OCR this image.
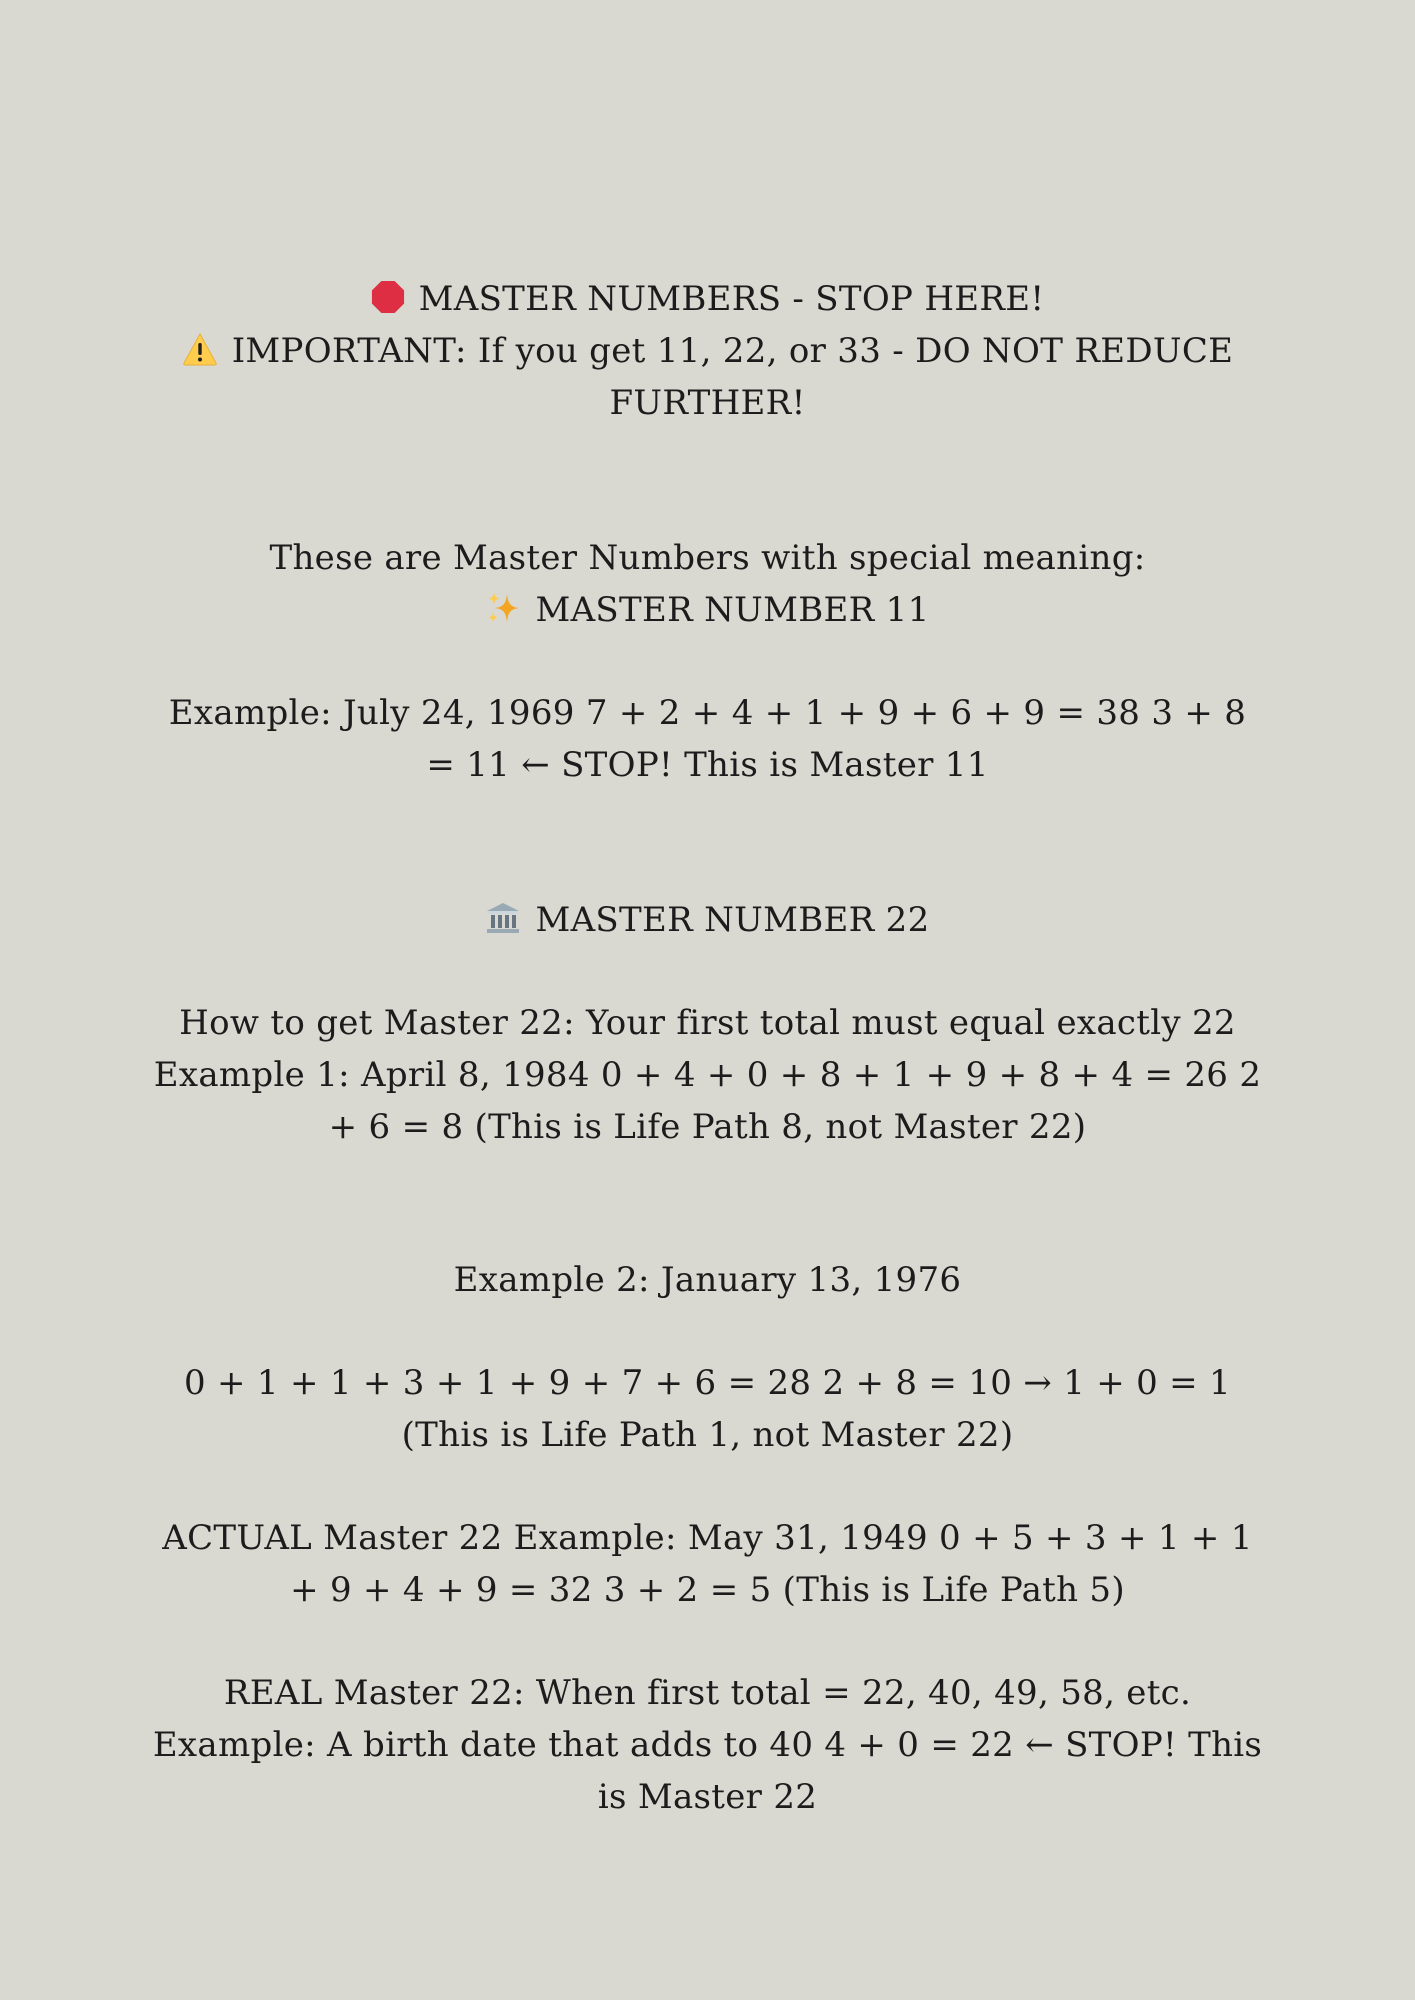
MASTER NUMBERS - STOP HERE!
IMPORTANT: If you get 11, 22, or 33 - DO NOT REDUCE FURTHER!
These are Master Numbers with special meaning:
MASTER NUMBER 11
Example: July 24, 1969 7 + 2 + 4 + 1 + 9 + 6 + 9 = 38 3 + 8 = 11 ← STOP! This is Master 11
MASTER NUMBER 22
How to get Master 22: Your first total must equal exactly 22
Example 1: April 8, 1984 0 + 4 + 0 + 8 + 1 + 9 + 8 + 4 = 26 2 + 6 = 8 (This is Life Path 8, not Master 22)
Example 2: January 13, 1976
0 + 1 + 1 + 3 + 1 + 9 + 7 + 6 = 28 2 + 8 = 10 → 1 + 0 = 1 (This is Life Path 1, not Master 22)
ACTUAL Master 22 Example: May 31, 1949 0 + 5 + 3 + 1 + 1 + 9 + 4 + 9 = 32 3 + 2 = 5 (This is Life Path 5)
REAL Master 22: When first total = 22, 40, 49, 58, etc. Example: A birth date that adds to 40 4 + 0 = 22 ← STOP! This is Master 22
